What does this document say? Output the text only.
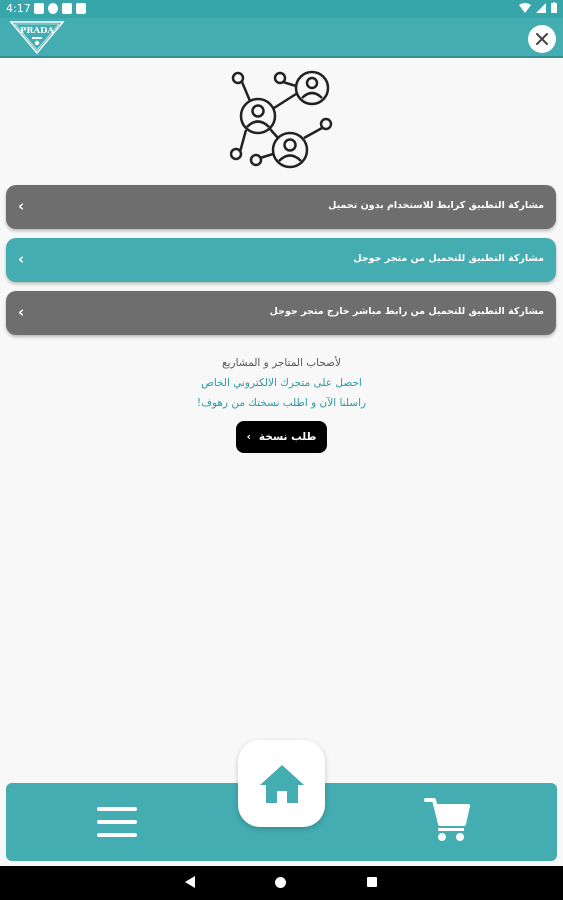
4:17
PRADA
مشاركة التطبيق كرابط للاستخدام بدون تحميل
‹
مشاركة التطبيق للتحميل من متجر جوجل
‹
مشاركة التطبيق للتحميل من رابط مباشر خارج متجر جوجل
‹
لأصحاب المتاجر و المشاريع
احصل على متجرك الالكتروني الخاص
راسلنا الآن و اطلب نسختك من رهوف!
‹ طلب نسخة
